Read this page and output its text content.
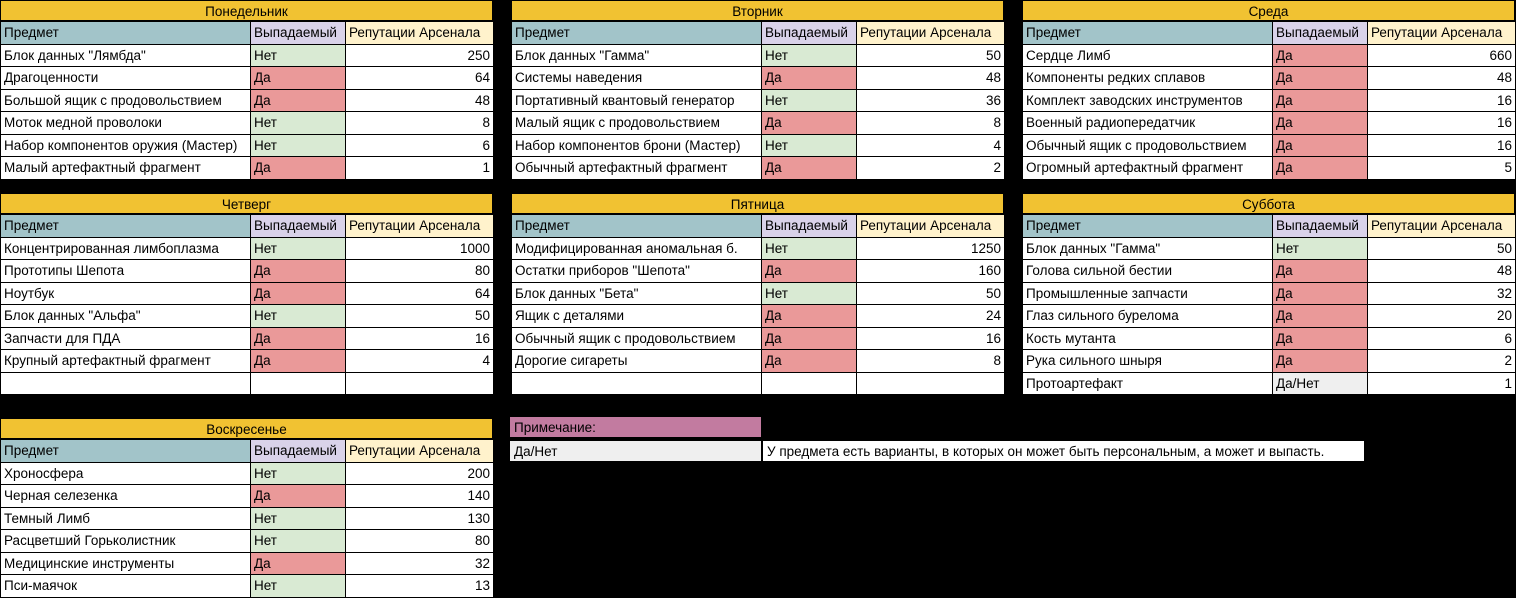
Понедельник
Предмет	Выпадаемый	Репутации Арсенала
Блок данных "Лямбда"	Нет	250
Драгоценности	Да	64
Большой ящик с продовольствием	Да	48
Моток медной проволоки	Нет	8
Набор компонентов оружия (Мастер)	Нет	6
Малый артефактный фрагмент	Да	1
Вторник
Предмет	Выпадаемый	Репутации Арсенала
Блок данных "Гамма"	Нет	50
Системы наведения	Да	48
Портативный квантовый генератор	Нет	36
Малый ящик с продовольствием	Да	8
Набор компонентов брони (Мастер)	Нет	4
Обычный артефактный фрагмент	Да	2
Среда
Предмет	Выпадаемый	Репутации Арсенала
Сердце Лимб	Да	660
Компоненты редких сплавов	Да	48
Комплект заводских инструментов	Да	16
Военный радиопередатчик	Да	16
Обычный ящик с продовольствием	Да	16
Огромный артефактный фрагмент	Да	5
Четверг
Предмет	Выпадаемый	Репутации Арсенала
Концентрированная лимбоплазма	Нет	1000
Прототипы Шепота	Да	80
Ноутбук	Да	64
Блок данных "Альфа"	Нет	50
Запчасти для ПДА	Да	16
Крупный артефактный фрагмент	Да	4

Пятница
Предмет	Выпадаемый	Репутации Арсенала
Модифицированная аномальная б.	Нет	1250
Остатки приборов "Шепота"	Да	160
Блок данных "Бета"	Нет	50
Ящик с деталями	Да	24
Обычный ящик с продовольствием	Да	16
Дорогие сигареты	Да	8

Суббота
Предмет	Выпадаемый	Репутации Арсенала
Блок данных "Гамма"	Нет	50
Голова сильной бестии	Да	48
Промышленные запчасти	Да	32
Глаз сильного бурелома	Да	20
Кость мутанта	Да	6
Рука сильного шныря	Да	2
Протоартефакт	Да/Нет	1
Воскресенье
Предмет	Выпадаемый	Репутации Арсенала
Хроносфера	Нет	200
Черная селезенка	Да	140
Темный Лимб	Нет	130
Расцветший Горьколистник	Нет	80
Медицинские инструменты	Да	32
Пси-маячок	Нет	13
Примечание:
Да/Нет	У предмета есть варианты, в которых он может быть персональным, а может и выпасть.
